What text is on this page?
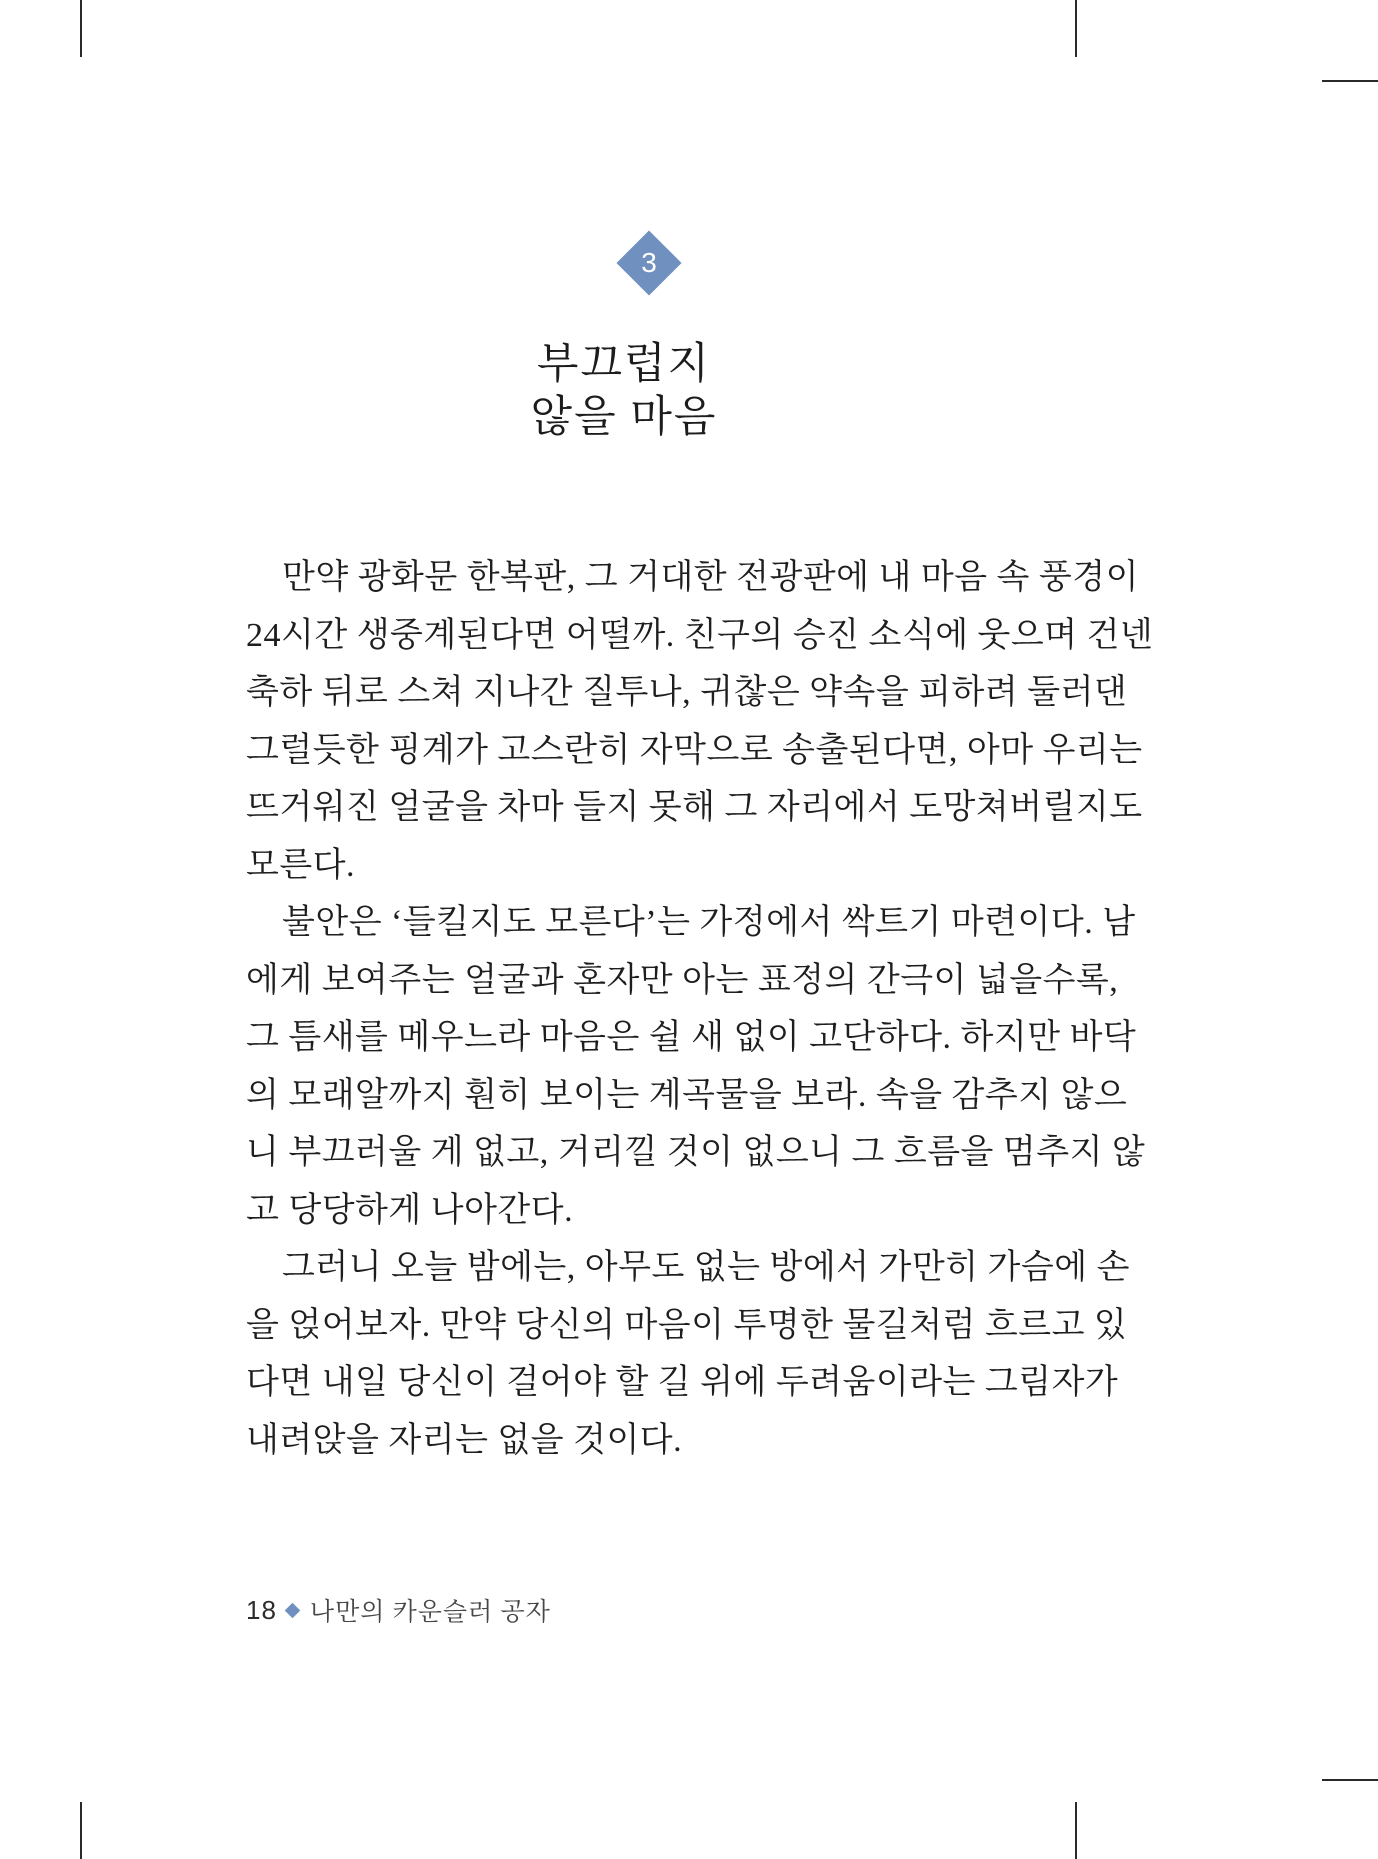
3
부끄럽지
않을 마음
만약 광화문 한복판, 그 거대한 전광판에 내 마음 속 풍경이
24시간 생중계된다면 어떨까. 친구의 승진 소식에 웃으며 건넨
축하 뒤로 스쳐 지나간 질투나, 귀찮은 약속을 피하려 둘러댄
그럴듯한 핑계가 고스란히 자막으로 송출된다면, 아마 우리는
뜨거워진 얼굴을 차마 들지 못해 그 자리에서 도망쳐버릴지도
모른다.
불안은 ‘들킬지도 모른다’는 가정에서 싹트기 마련이다. 남
에게 보여주는 얼굴과 혼자만 아는 표정의 간극이 넓을수록,
그 틈새를 메우느라 마음은 쉴 새 없이 고단하다. 하지만 바닥
의 모래알까지 훤히 보이는 계곡물을 보라. 속을 감추지 않으
니 부끄러울 게 없고, 거리낄 것이 없으니 그 흐름을 멈추지 않
고 당당하게 나아간다.
그러니 오늘 밤에는, 아무도 없는 방에서 가만히 가슴에 손
을 얹어보자. 만약 당신의 마음이 투명한 물길처럼 흐르고 있
다면 내일 당신이 걸어야 할 길 위에 두려움이라는 그림자가
내려앉을 자리는 없을 것이다.
18 나만의 카운슬러 공자
